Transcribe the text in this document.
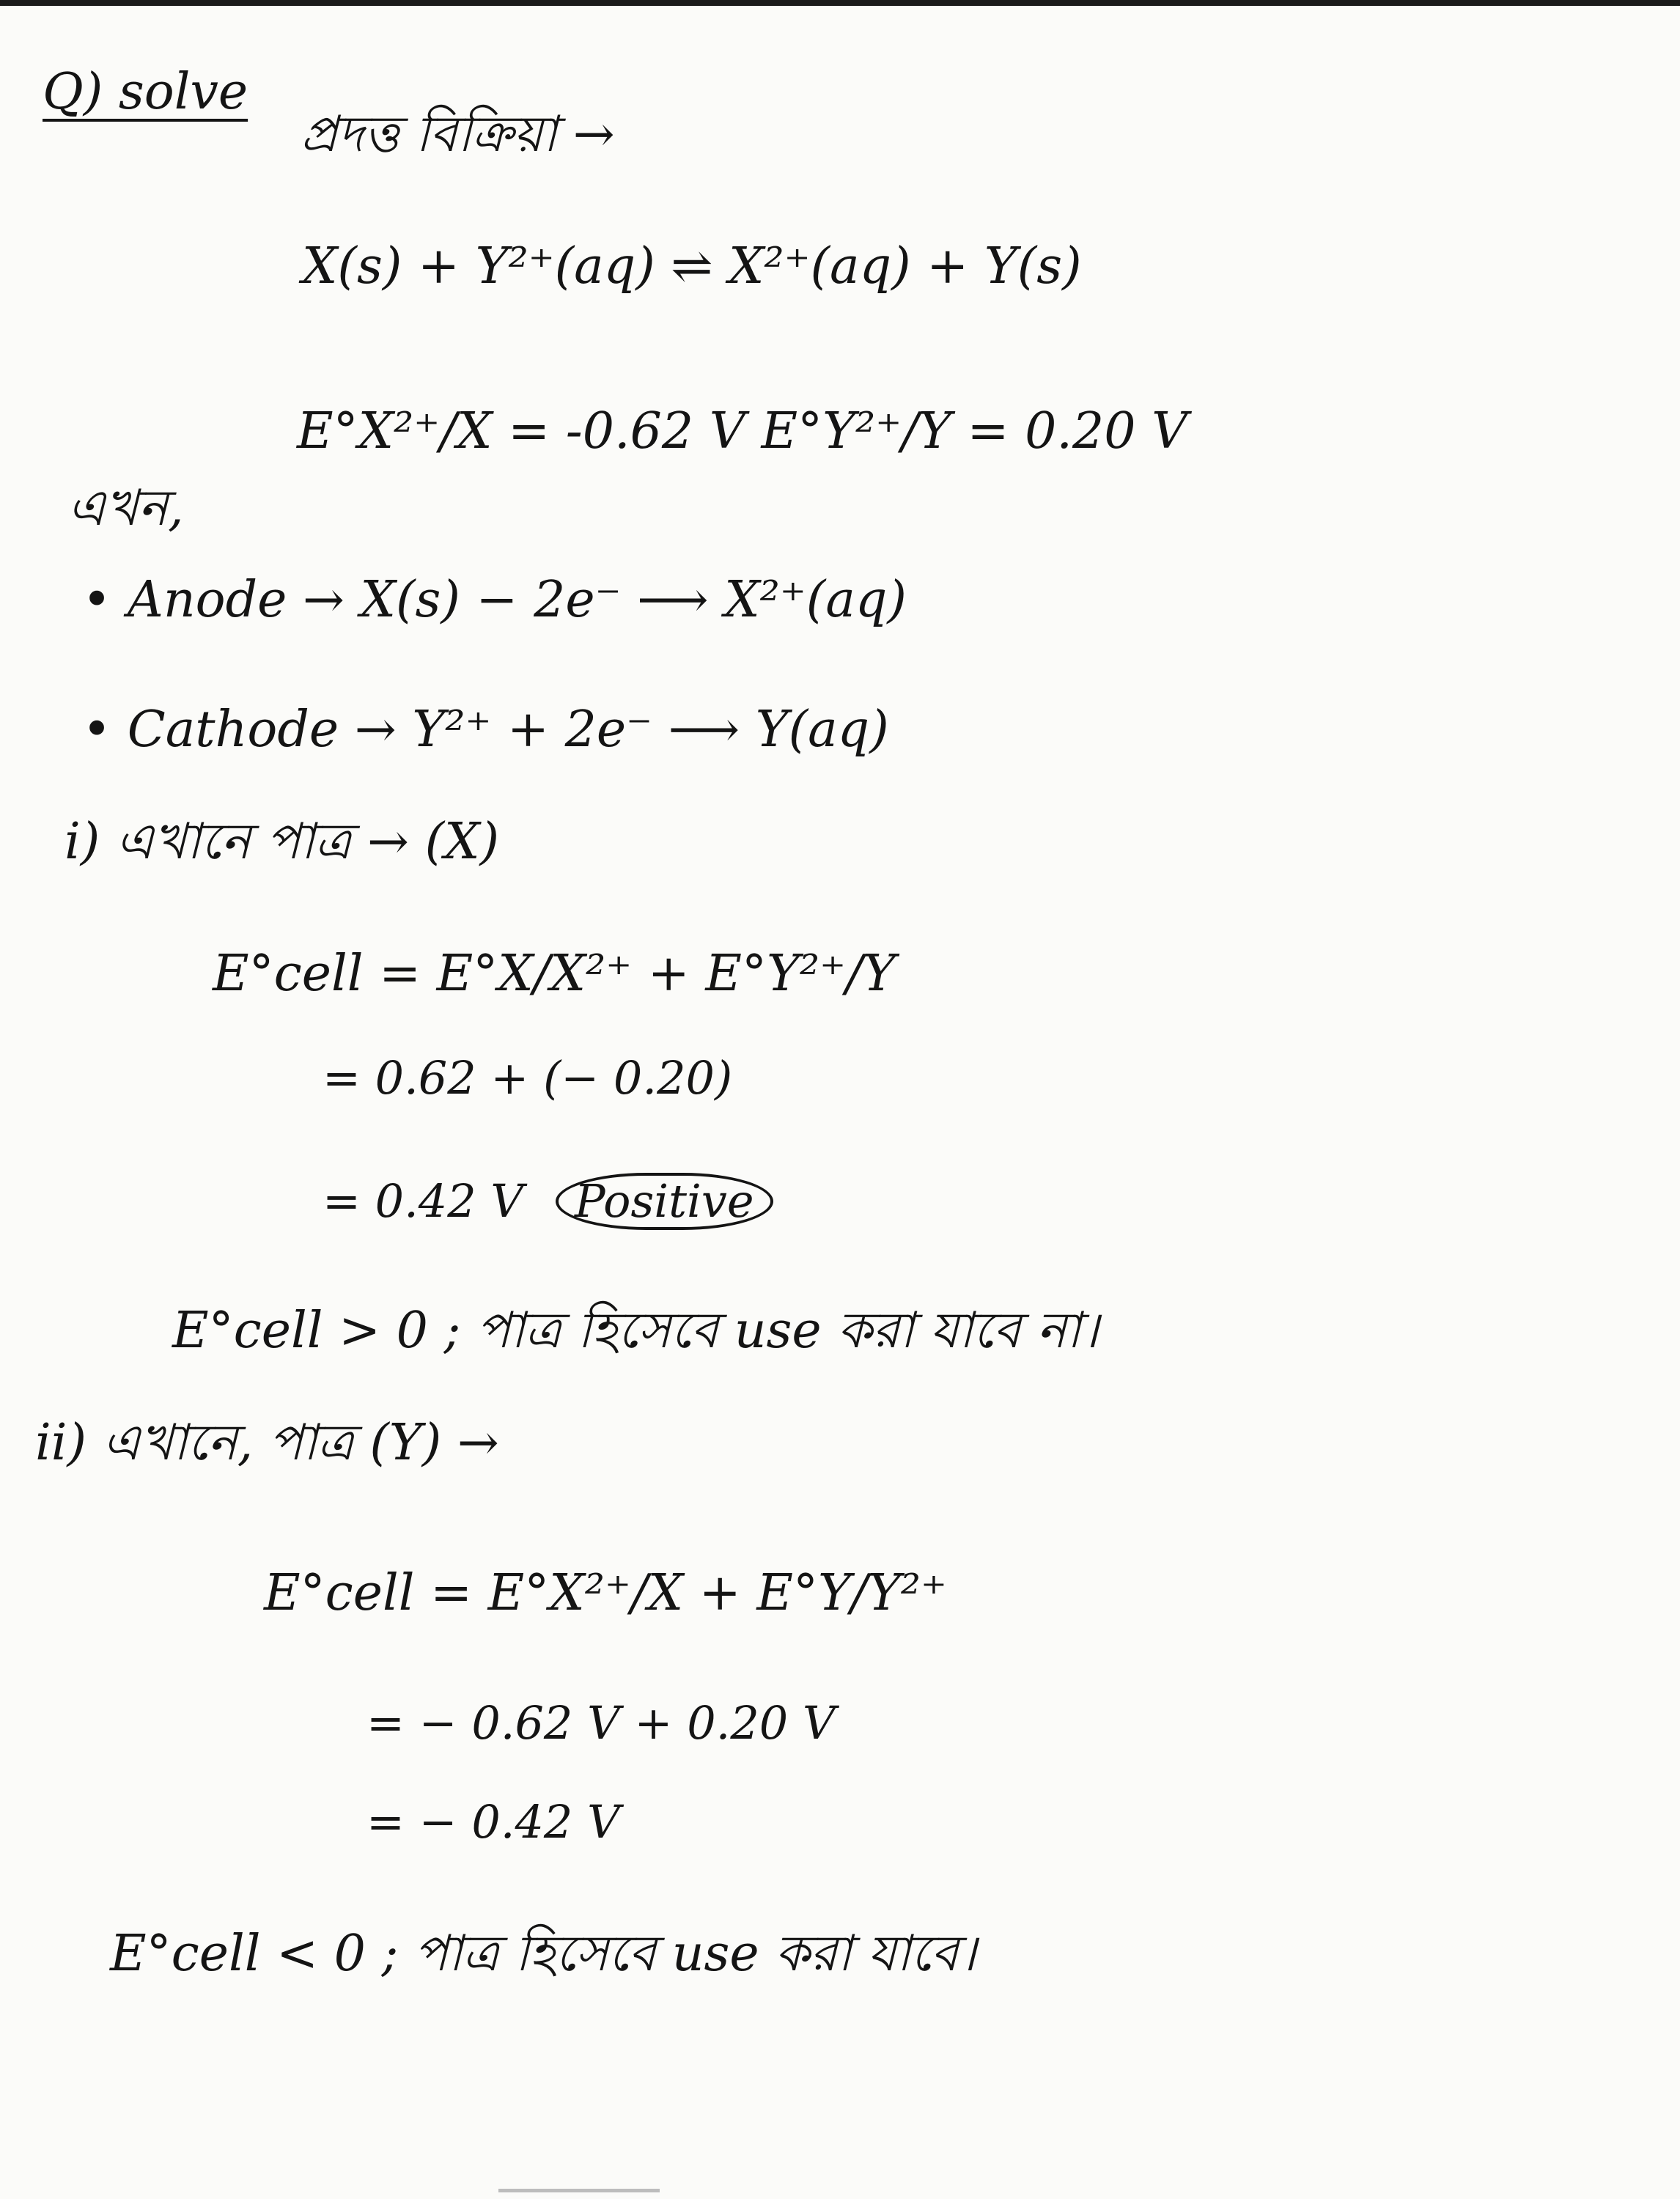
Q) solve
প্রদত্ত বিক্রিয়া →
X(s) + Y²⁺(aq) ⇌ X²⁺(aq) + Y(s)
E°X²⁺/X = -0.62 V E°Y²⁺/Y = 0.20 V
এখন,
• Anode → X(s) − 2e⁻ ⟶ X²⁺(aq)
• Cathode → Y²⁺ + 2e⁻ ⟶ Y(aq)
i) এখানে পাত্র → (X)
E°cell = E°X/X²⁺ + E°Y²⁺/Y
= 0.62 + (− 0.20)
= 0.42 V Positive
E°cell > 0 ; পাত্র হিসেবে use করা যাবে না।
ii) এখানে, পাত্র (Y) →
E°cell = E°X²⁺/X + E°Y/Y²⁺
= − 0.62 V + 0.20 V
= − 0.42 V
E°cell < 0 ; পাত্র হিসেবে use করা যাবে।
